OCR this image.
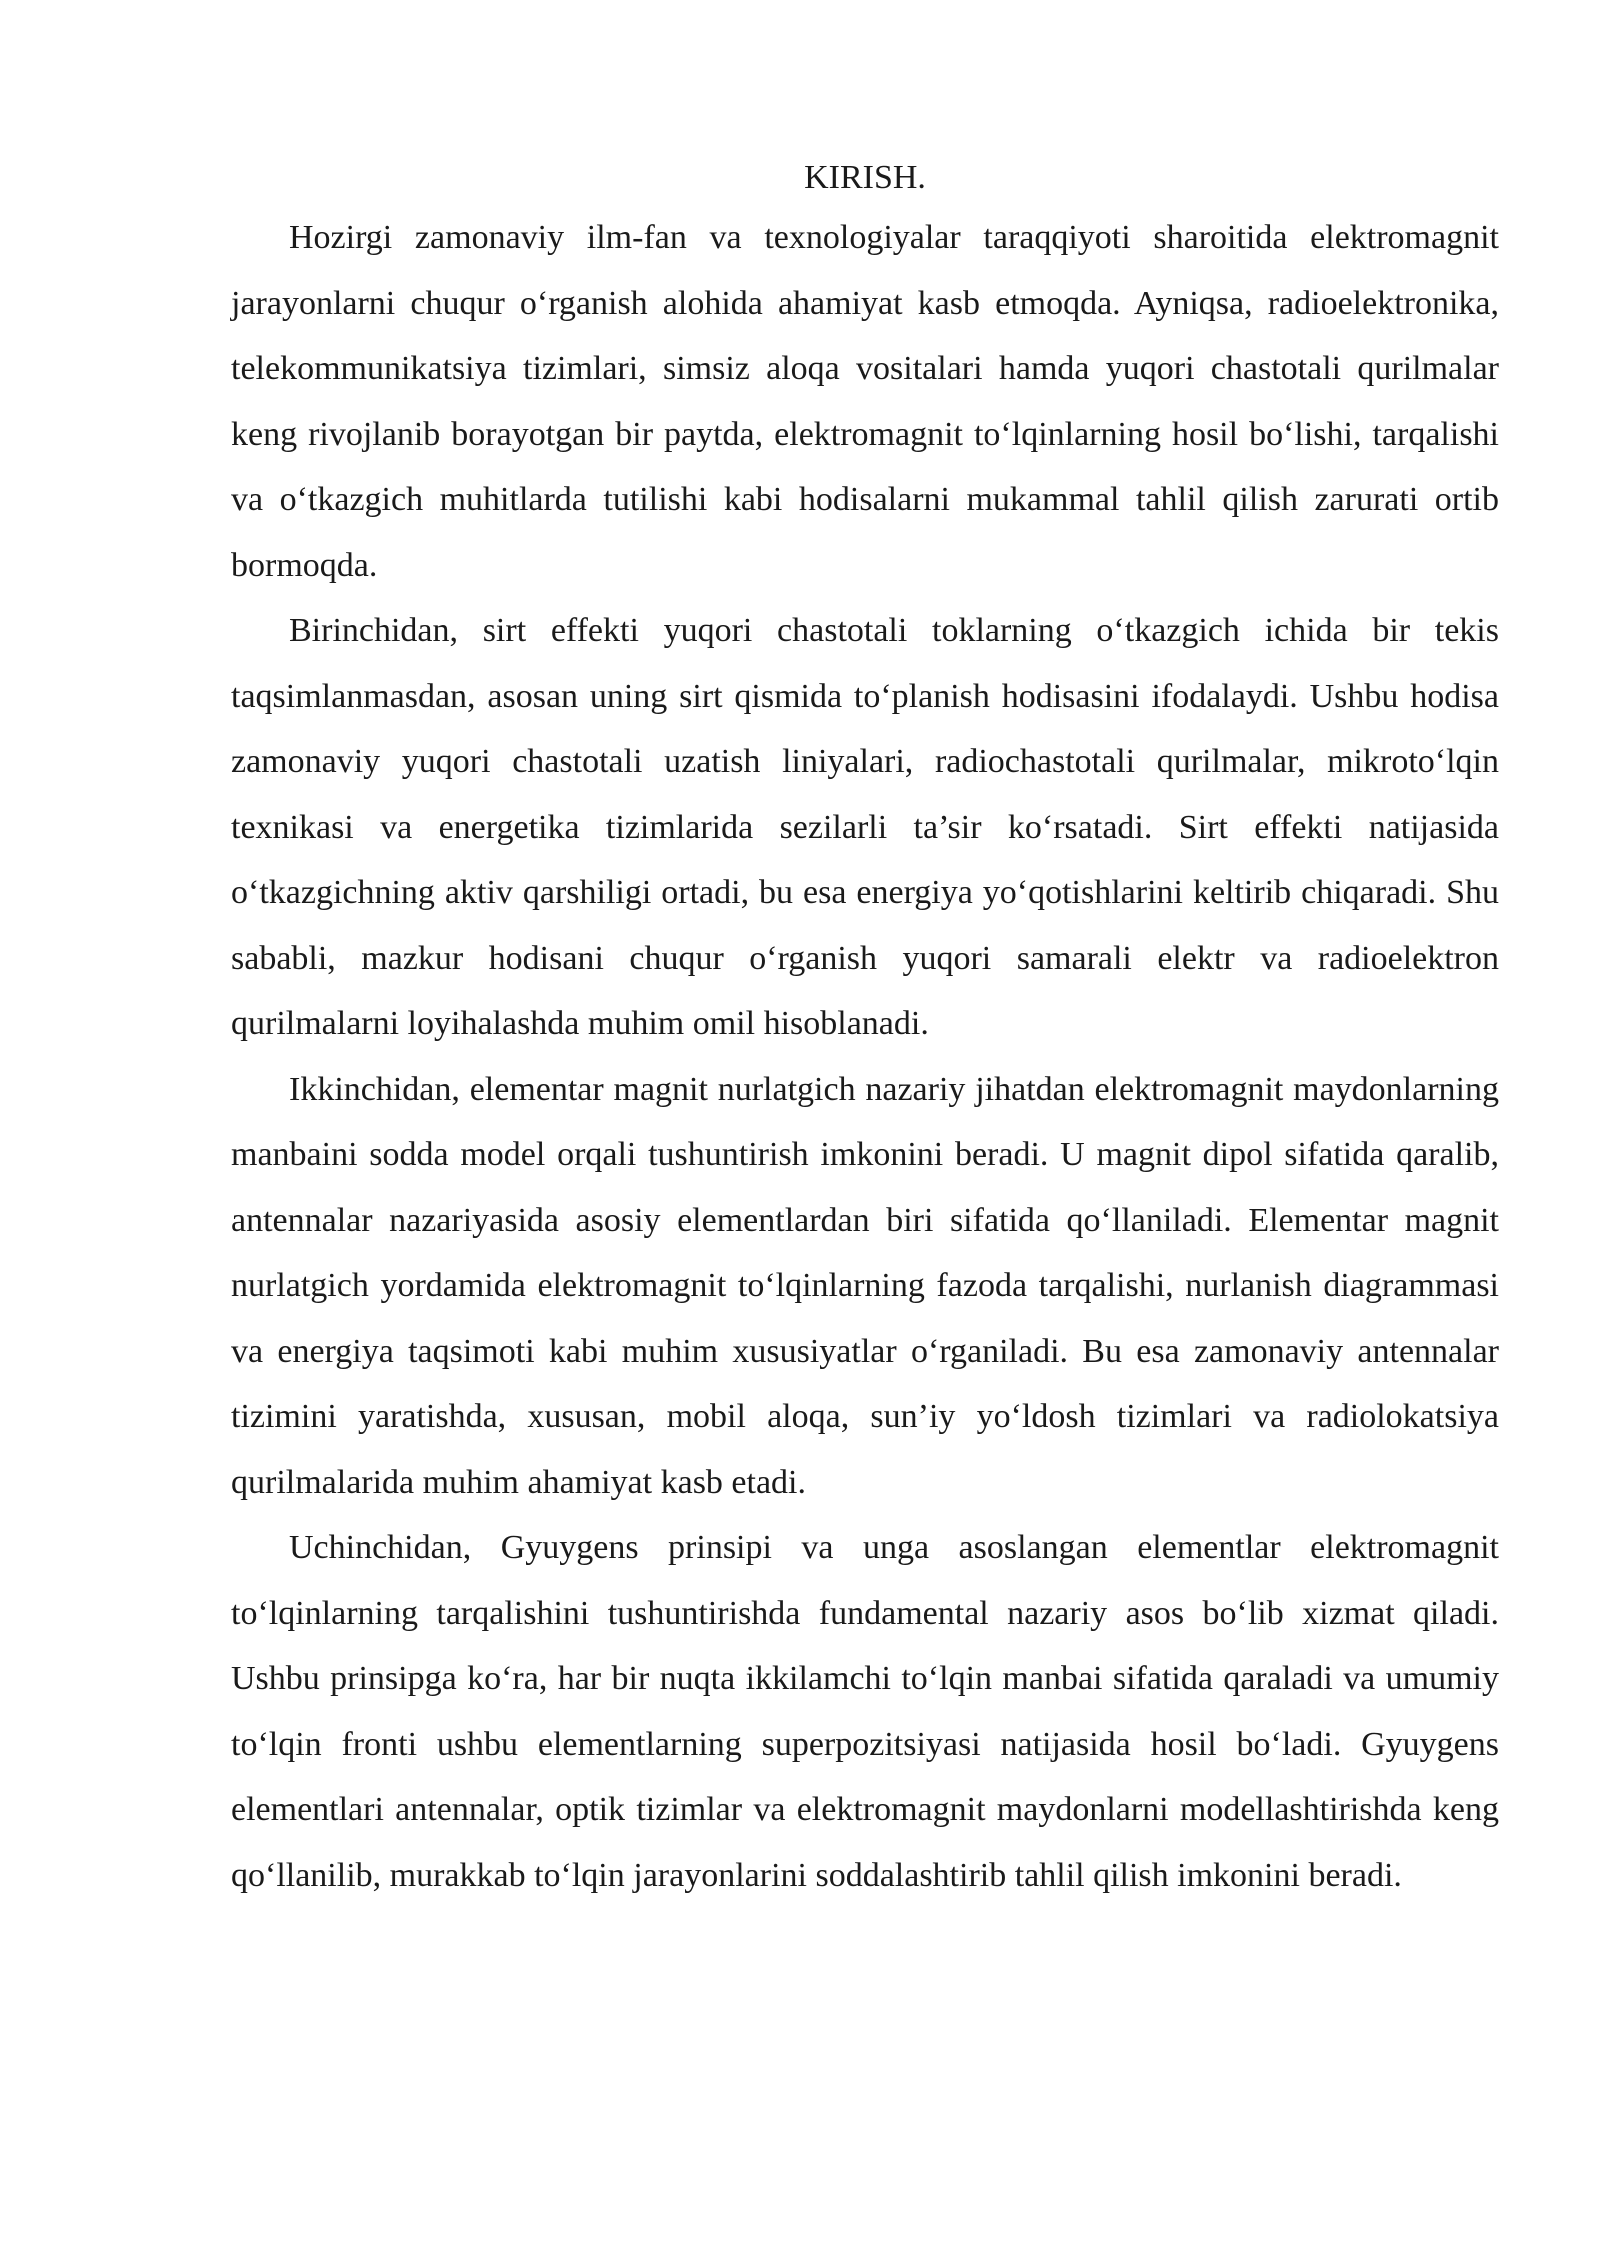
KIRISH.

Hozirgi zamonaviy ilm-fan va texnologiyalar taraqqiyoti sharoitida elektromagnit jarayonlarni chuqur o‘rganish alohida ahamiyat kasb etmoqda. Ayniqsa, radioelektronika, telekommunikatsiya tizimlari, simsiz aloqa vositalari hamda yuqori chastotali qurilmalar keng rivojlanib borayotgan bir paytda, elektromagnit to‘lqinlarning hosil bo‘lishi, tarqalishi va o‘tkazgich muhitlarda tutilishi kabi hodisalarni mukammal tahlil qilish zarurati ortib bormoqda.

Birinchidan, sirt effekti yuqori chastotali toklarning o‘tkazgich ichida bir tekis taqsimlanmasdan, asosan uning sirt qismida to‘planish hodisasini ifodalaydi. Ushbu hodisa zamonaviy yuqori chastotali uzatish liniyalari, radiochastotali qurilmalar, mikroto‘lqin texnikasi va energetika tizimlarida sezilarli ta’sir ko‘rsatadi. Sirt effekti natijasida o‘tkazgichning aktiv qarshiligi ortadi, bu esa energiya yo‘qotishlarini keltirib chiqaradi. Shu sababli, mazkur hodisani chuqur o‘rganish yuqori samarali elektr va radioelektron qurilmalarni loyihalashda muhim omil hisoblanadi.

Ikkinchidan, elementar magnit nurlatgich nazariy jihatdan elektromagnit maydonlarning manbaini sodda model orqali tushuntirish imkonini beradi. U magnit dipol sifatida qaralib, antennalar nazariyasida asosiy elementlardan biri sifatida qo‘llaniladi. Elementar magnit nurlatgich yordamida elektromagnit to‘lqinlarning fazoda tarqalishi, nurlanish diagrammasi va energiya taqsimoti kabi muhim xususiyatlar o‘rganiladi. Bu esa zamonaviy antennalar tizimini yaratishda, xususan, mobil aloqa, sun’iy yo‘ldosh tizimlari va radiolokatsiya qurilmalarida muhim ahamiyat kasb etadi.

Uchinchidan, Gyuygens prinsipi va unga asoslangan elementlar elektromagnit to‘lqinlarning tarqalishini tushuntirishda fundamental nazariy asos bo‘lib xizmat qiladi. Ushbu prinsipga ko‘ra, har bir nuqta ikkilamchi to‘lqin manbai sifatida qaraladi va umumiy to‘lqin fronti ushbu elementlarning superpozitsiyasi natijasida hosil bo‘ladi. Gyuygens elementlari antennalar, optik tizimlar va elektromagnit maydonlarni modellashtirishda keng qo‘llanilib, murakkab to‘lqin jarayonlarini soddalashtirib tahlil qilish imkonini beradi.
